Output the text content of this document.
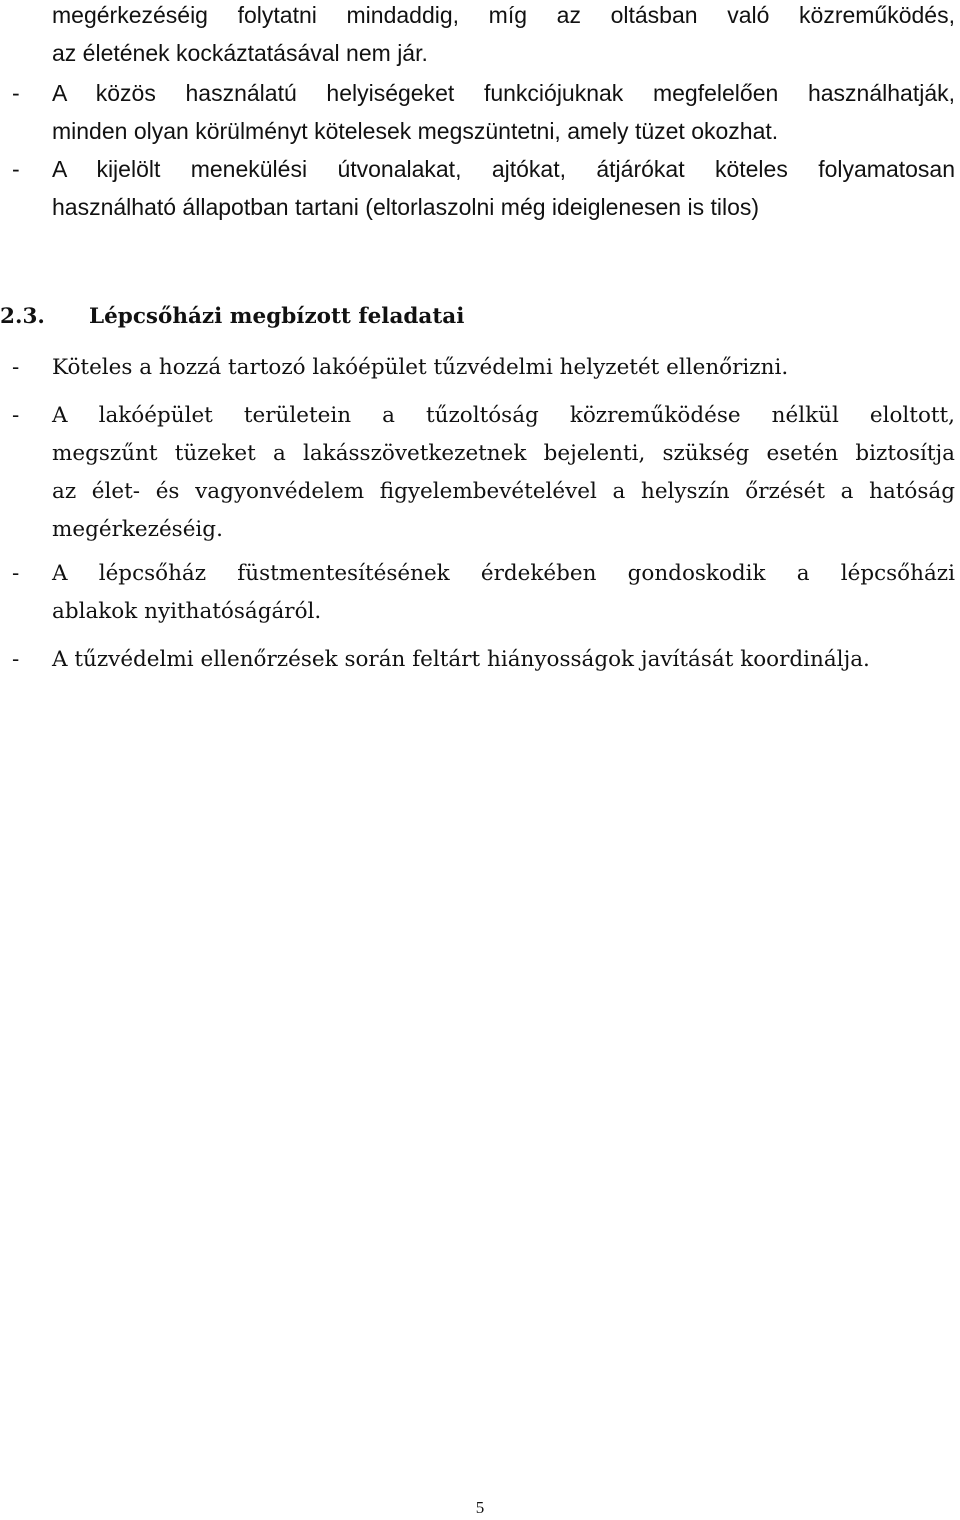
megérkezéséig folytatni mindaddig, míg az oltásban való közreműködés,
az életének kockáztatásával nem jár.
- A közös használatú helyiségeket funkciójuknak megfelelően használhatják,
minden olyan körülményt kötelesek megszüntetni, amely tüzet okozhat.
- A kijelölt menekülési útvonalakat, ajtókat, átjárókat köteles folyamatosan
használható állapotban tartani (eltorlaszolni még ideiglenesen is tilos)
2.3. Lépcsőházi megbízott feladatai
- Köteles a hozzá tartozó lakóépület tűzvédelmi helyzetét ellenőrizni.
- A lakóépület területein a tűzoltóság közreműködése nélkül eloltott,
megszűnt tüzeket a lakásszövetkezetnek bejelenti, szükség esetén biztosítja
az élet- és vagyonvédelem figyelembevételével a helyszín őrzését a hatóság
megérkezéséig.
- A lépcsőház füstmentesítésének érdekében gondoskodik a lépcsőházi
ablakok nyithatóságáról.
- A tűzvédelmi ellenőrzések során feltárt hiányosságok javítását koordinálja.
5
